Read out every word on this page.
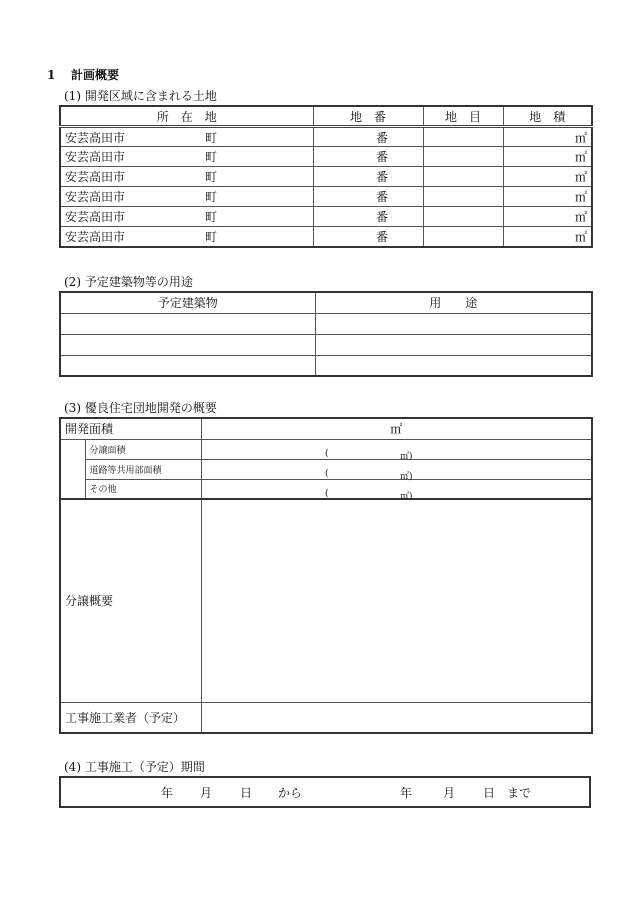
1 計画概要
(1) 開発区域に含まれる土地
所　在　地	地　番	地　目	地　積
安芸高田市 町	番		㎡
安芸高田市 町	番		㎡
安芸高田市 町	番		㎡
安芸高田市 町	番		㎡
安芸高田市 町	番		㎡
安芸高田市 町	番		㎡
(2) 予定建築物等の用途
予定建築物	用　　途

(3) 優良住宅団地開発の概要
開発面積		㎡
	分譲面積	( ㎡)

	道路等共用部面積	( ㎡)

	その他	( ㎡)

分譲概要		
工事施工業者（予定）		
(4) 工事施工（予定）期間
年 月 日 から	年	月 日 まで
